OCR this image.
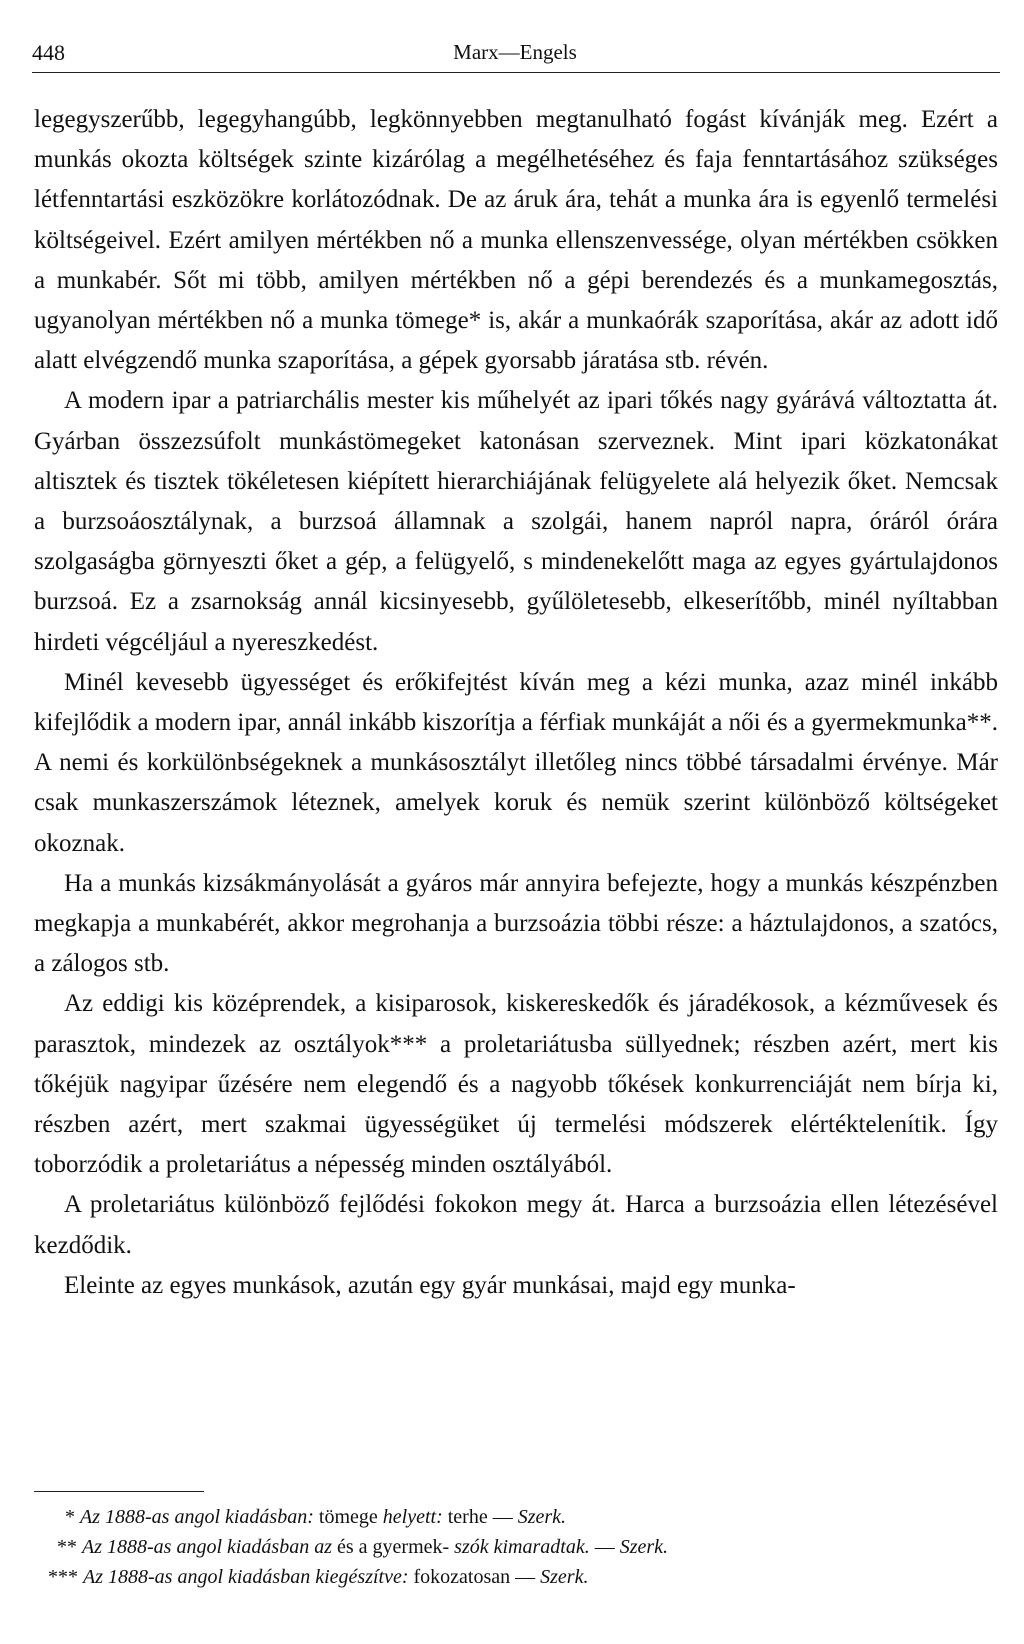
448	Marx—Engels

legegyszerűbb, legegyhangúbb, legkönnyebben megtanulható fogást kívánják meg. Ezért a munkás okozta költségek szinte kizárólag a megélhetéséhez és faja fenntartásához szükséges létfenntartási eszközökre korlátozódnak. De az áruk ára, tehát a munka ára is egyenlő termelési költségeivel. Ezért amilyen mértékben nő a munka ellenszenvessége, olyan mértékben csökken a munkabér. Sőt mi több, amilyen mértékben nő a gépi berendezés és a munkamegosztás, ugyanolyan mértékben nő a munka tömege* is, akár a munkaórák szaporítása, akár az adott idő alatt elvégzendő munka szaporítása, a gépek gyorsabb járatása stb. révén.

A modern ipar a patriarchális mester kis műhelyét az ipari tőkés nagy gyárává változtatta át. Gyárban összezsúfolt munkástömegeket katonásan szerveznek. Mint ipari közkatonákat altisztek és tisztek tökéletesen kiépített hierarchiájának felügyelete alá helyezik őket. Nemcsak a burzsoáosztálynak, a burzsoá államnak a szolgái, hanem napról napra, óráról órára szolgaságba görnyeszti őket a gép, a felügyelő, s mindenekelőtt maga az egyes gyártulajdonos burzsoá. Ez a zsarnokság annál kicsinyesebb, gyűlöletesebb, elkeserítőbb, minél nyíltabban hirdeti végcéljául a nyereszkedést.

Minél kevesebb ügyességet és erőkifejtést kíván meg a kézi munka, azaz minél inkább kifejlődik a modern ipar, annál inkább kiszorítja a férfiak munkáját a női és a gyermekmunka**. A nemi és korkülönbségeknek a munkásosztályt illetőleg nincs többé társadalmi érvénye. Már csak munkaszerszámok léteznek, amelyek koruk és nemük szerint különböző költségeket okoznak.

Ha a munkás kizsákmányolását a gyáros már annyira befejezte, hogy a munkás készpénzben megkapja a munkabérét, akkor megrohanja a burzsoázia többi része: a háztulajdonos, a szatócs, a zálogos stb.

Az eddigi kis középrendek, a kisiparosok, kiskereskedők és járadékosok, a kézművesek és parasztok, mindezek az osztályok*** a proletariátusba süllyednek; részben azért, mert kis tőkéjük nagyipar űzésére nem elegendő és a nagyobb tőkések konkurrenciáját nem bírja ki, részben azért, mert szakmai ügyességüket új termelési módszerek elértéktelenítik. Így toborzódik a proletariátus a népesség minden osztályából.

A proletariátus különböző fejlődési fokokon megy át. Harca a burzsoázia ellen létezésével kezdődik.

Eleinte az egyes munkások, azután egy gyár munkásai, majd egy munka-

* Az 1888-as angol kiadásban: tömege helyett: terhe — Szerk.

** Az 1888-as angol kiadásban az és a gyermek- szók kimaradtak. — Szerk.

*** Az 1888-as angol kiadásban kiegészítve: fokozatosan — Szerk.
